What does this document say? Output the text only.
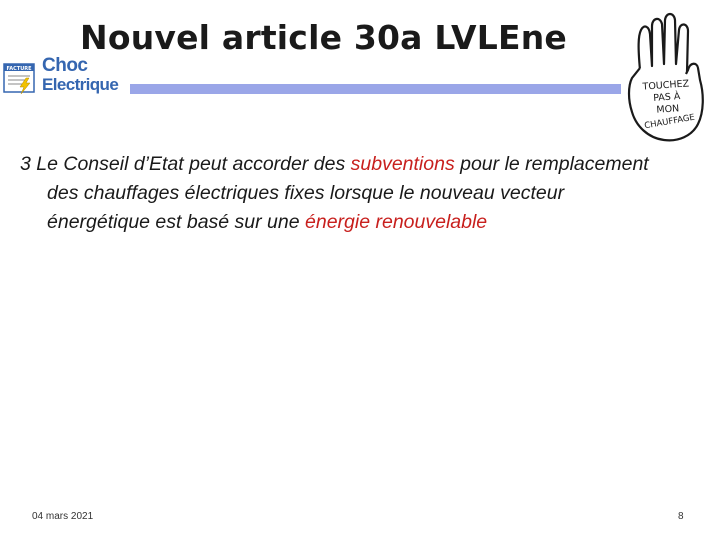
Nouvel article 30a LVLEne
FACTURE Choc
Electrique	TOUCHEZ
PAS À
MON
CHAUFFAGE

3 Le Conseil d’Etat peut accorder des subventions pour le remplacement des chauffages électriques fixes lorsque le nouveau vecteur énergétique est basé sur une énergie renouvelable

04 mars 2021	8
